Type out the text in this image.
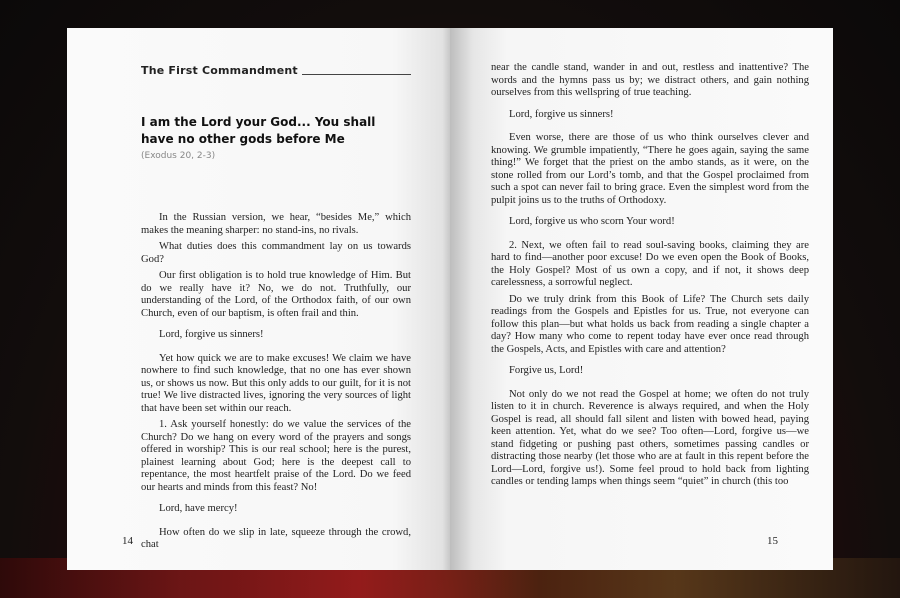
The First Commandment
I am the Lord your God... You shall have no other gods before Me
(Exodus 20, 2-3)

In the Russian version, we hear, “besides Me,” which makes the meaning sharper: no stand-ins, no rivals.

What duties does this commandment lay on us towards God?

Our first obligation is to hold true knowledge of Him. But do we really have it? No, we do not. Truthfully, our understanding of the Lord, of the Orthodox faith, of our own Church, even of our baptism, is often frail and thin.

Lord, forgive us sinners!

Yet how quick we are to make excuses! We claim we have nowhere to find such knowledge, that no one has ever shown us, or shows us now. But this only adds to our guilt, for it is not true! We live distracted lives, ignoring the very sources of light that have been set within our reach.

1. Ask yourself honestly: do we value the services of the Church? Do we hang on every word of the prayers and songs offered in worship? This is our real school; here is the purest, plainest learning about God; here is the deepest call to repentance, the most heartfelt praise of the Lord. Do we feed our hearts and minds from this feast? No!

Lord, have mercy!

How often do we slip in late, squeeze through the crowd, chat

14

near the candle stand, wander in and out, restless and inattentive? The words and the hymns pass us by; we distract others, and gain nothing ourselves from this wellspring of true teaching.

Lord, forgive us sinners!

Even worse, there are those of us who think ourselves clever and knowing. We grumble impatiently, “There he goes again, saying the same thing!” We forget that the priest on the ambo stands, as it were, on the stone rolled from our Lord’s tomb, and that the Gospel proclaimed from such a spot can never fail to bring grace. Even the simplest word from the pulpit joins us to the truths of Orthodoxy.

Lord, forgive us who scorn Your word!

2. Next, we often fail to read soul-saving books, claiming they are hard to find—another poor excuse! Do we even open the Book of Books, the Holy Gospel? Most of us own a copy, and if not, it shows deep carelessness, a sorrowful neglect.

Do we truly drink from this Book of Life? The Church sets daily readings from the Gospels and Epistles for us. True, not everyone can follow this plan—but what holds us back from reading a single chapter a day? How many who come to repent today have ever once read through the Gospels, Acts, and Epistles with care and attention?

Forgive us, Lord!

Not only do we not read the Gospel at home; we often do not truly listen to it in church. Reverence is always required, and when the Holy Gospel is read, all should fall silent and listen with bowed head, paying keen attention. Yet, what do we see? Too often—Lord, forgive us—we stand fidgeting or pushing past others, sometimes passing candles or distracting those nearby (let those who are at fault in this repent before the Lord—Lord, forgive us!). Some feel proud to hold back from lighting candles or tending lamps when things seem “quiet” in church (this too

15
